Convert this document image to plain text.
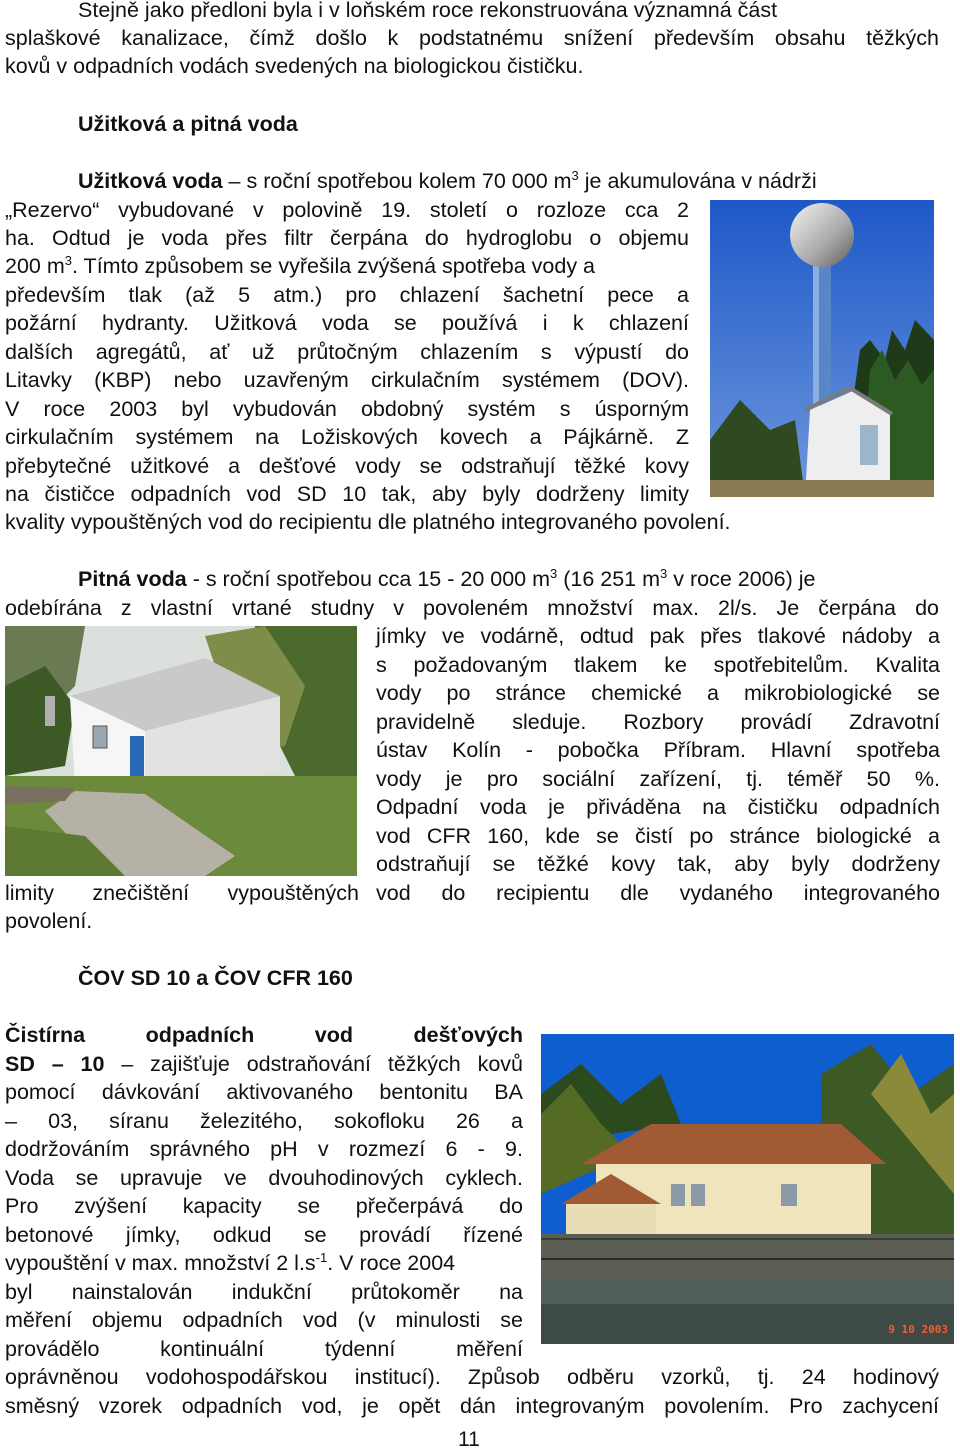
Stejně jako předloni byla i v loňském roce rekonstruována významná část
splaškové kanalizace, čímž došlo k podstatnému snížení především obsahu těžkých
kovů v odpadních vodách svedených na biologickou čističku.
Užitková a pitná voda
Užitková voda – s roční spotřebou kolem 70 000 $m^3$ je akumulována v nádrži
„Rezervo“ vybudované v polovině 19. století o rozloze cca 2
ha. Odtud je voda přes filtr čerpána do hydroglobu o objemu
200 $m^3$. Tímto způsobem se vyřešila zvýšená spotřeba vody a
především tlak (až 5 atm.) pro chlazení šachetní pece a
požární hydranty. Užitková voda se používá i k chlazení
dalších agregátů, ať už průtočným chlazením s výpustí do
Litavky (KBP) nebo uzavřeným cirkulačním systémem (DOV).
V roce 2003 byl vybudován obdobný systém s úsporným
cirkulačním systémem na Ložiskových kovech a Pájkárně. Z
přebytečné užitkové a dešťové vody se odstraňují těžké kovy
na čističce odpadních vod SD 10 tak, aby byly dodrženy limity
kvality vypouštěných vod do recipientu dle platného integrovaného povolení.
Pitná voda - s roční spotřebou cca 15 - 20 000 $m^3$ (16 251 $m^3$ v roce 2006) je
odebírána z vlastní vrtané studny v povoleném množství max. 2l/s. Je čerpána do
jímky ve vodárně, odtud pak přes tlakové nádoby a
s požadovaným tlakem ke spotřebitelům. Kvalita
vody po stránce chemické a mikrobiologické se
pravidelně sleduje. Rozbory provádí Zdravotní
ústav Kolín - pobočka Příbram. Hlavní spotřeba
vody je pro sociální zařízení, tj. téměř 50 %.
Odpadní voda je přiváděna na čističku odpadních
vod CFR 160, kde se čistí po stránce biologické a
odstraňují se těžké kovy tak, aby byly dodrženy
limity znečištění vypouštěných vod do recipientu dle vydaného integrovaného
povolení.
ČOV SD 10 a ČOV CFR 160
Čistírna odpadních vod dešťových
SD – 10 – zajišťuje odstraňování těžkých kovů
pomocí dávkování aktivovaného bentonitu BA
– 03, síranu železitého, sokofloku 26 a
dodržováním správného pH v rozmezí 6 - 9.
Voda se upravuje ve dvouhodinových cyklech.
Pro zvýšení kapacity se přečerpává do
betonové jímky, odkud se provádí řízené
vypouštění v max. množství 2 $l.s^{-1}$. V roce 2004
byl nainstalován indukční průtokoměr na
měření objemu odpadních vod (v minulosti se
provádělo kontinuální týdenní měření
oprávněnou vodohospodářskou institucí). Způsob odběru vzorků, tj. 24 hodinový
směsný vzorek odpadních vod, je opět dán integrovaným povolením. Pro zachycení
9 10 2003
11
